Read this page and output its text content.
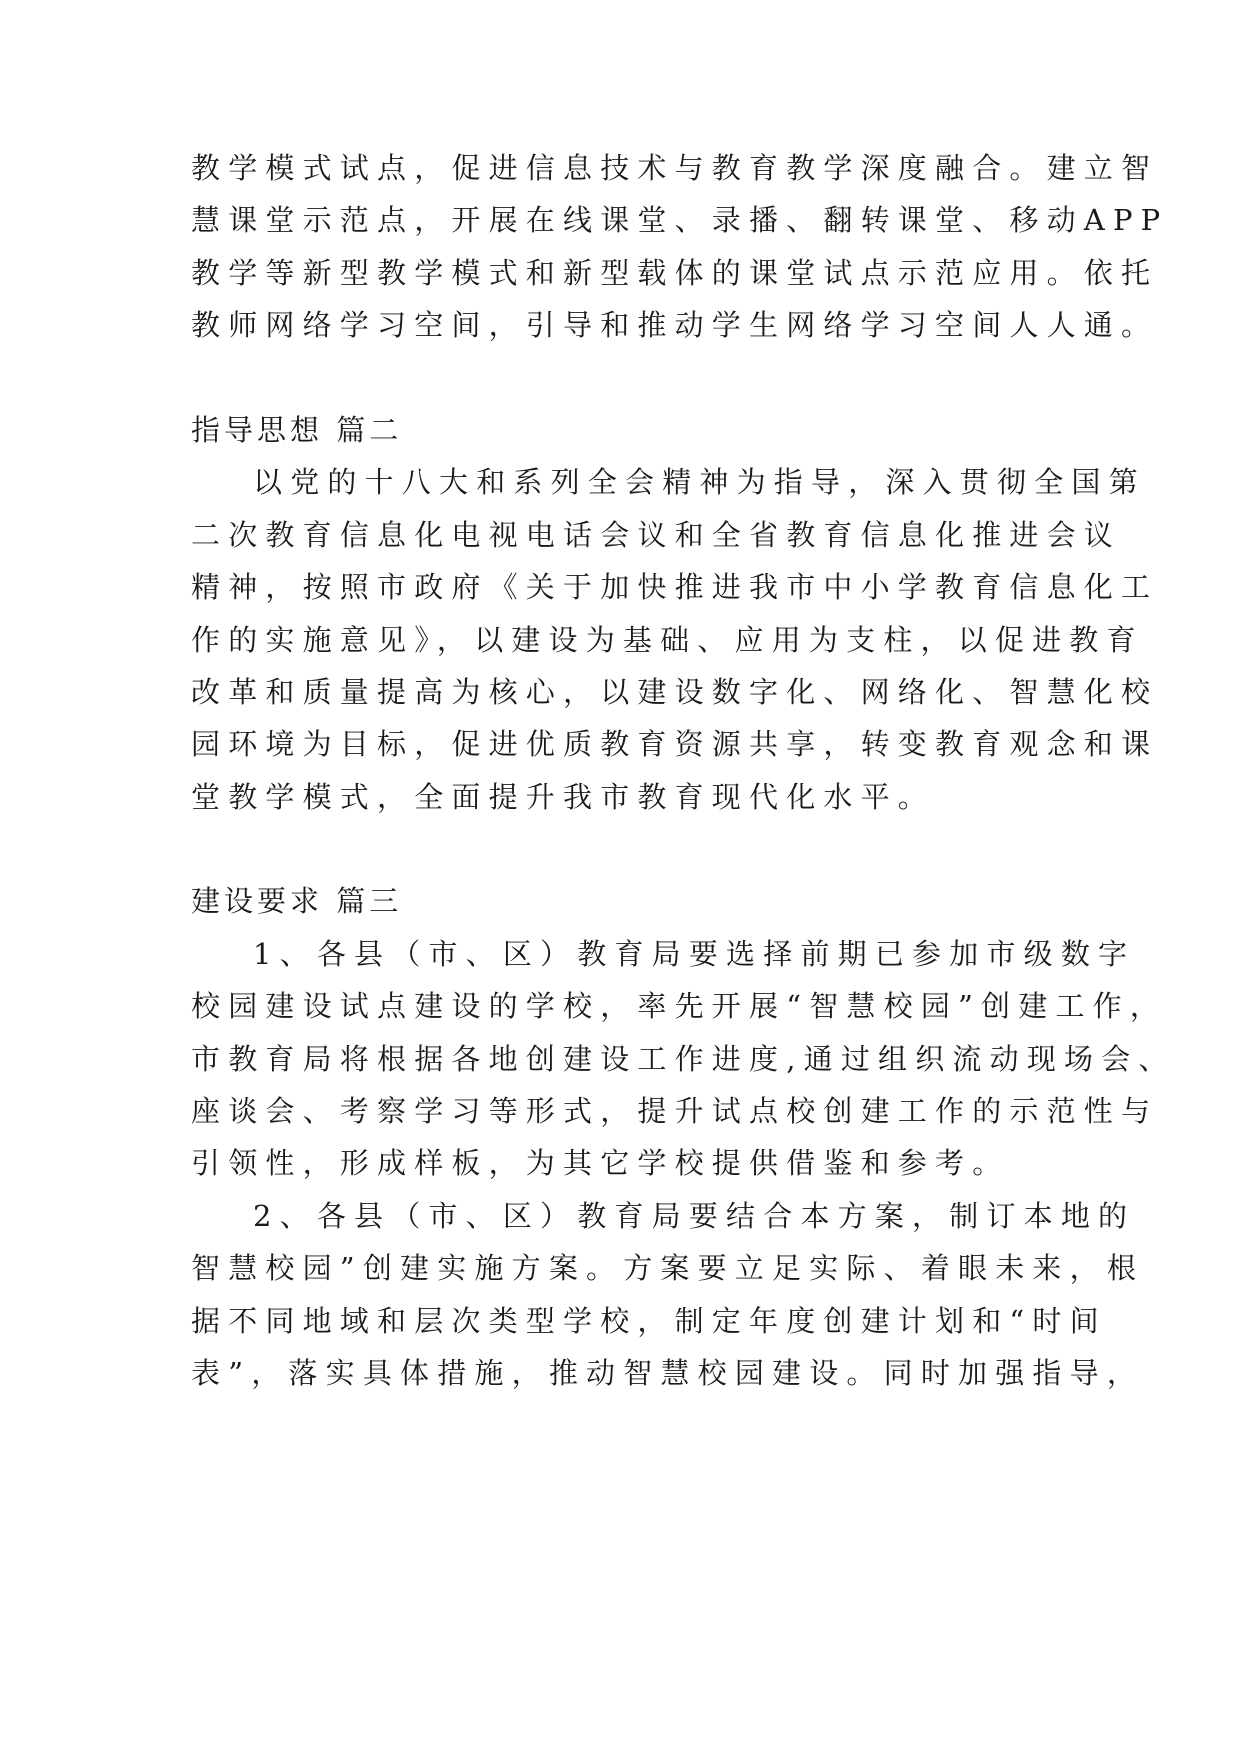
教学模式试点，促进信息技术与教育教学深度融合。建立智
慧课堂示范点，开展在线课堂、录播、翻转课堂、移动APP
教学等新型教学模式和新型载体的课堂试点示范应用。依托
教师网络学习空间，引导和推动学生网络学习空间人人通。
指导思想 篇二
以党的十八大和系列全会精神为指导，深入贯彻全国第
二次教育信息化电视电话会议和全省教育信息化推进会议
精神，按照市政府《关于加快推进我市中小学教育信息化工
作的实施意见》，以建设为基础、应用为支柱，以促进教育
改革和质量提高为核心，以建设数字化、网络化、智慧化校
园环境为目标，促进优质教育资源共享，转变教育观念和课
堂教学模式，全面提升我市教育现代化水平。
建设要求 篇三
1、各县（市、区）教育局要选择前期已参加市级数字
校园建设试点建设的学校，率先开展“智慧校园”创建工作，
市教育局将根据各地创建设工作进度,通过组织流动现场会、
座谈会、考察学习等形式，提升试点校创建工作的示范性与
引领性，形成样板，为其它学校提供借鉴和参考。
2、各县（市、区）教育局要结合本方案，制订本地的
智慧校园”创建实施方案。方案要立足实际、着眼未来，根
据不同地域和层次类型学校，制定年度创建计划和“时间
表”，落实具体措施，推动智慧校园建设。同时加强指导，
